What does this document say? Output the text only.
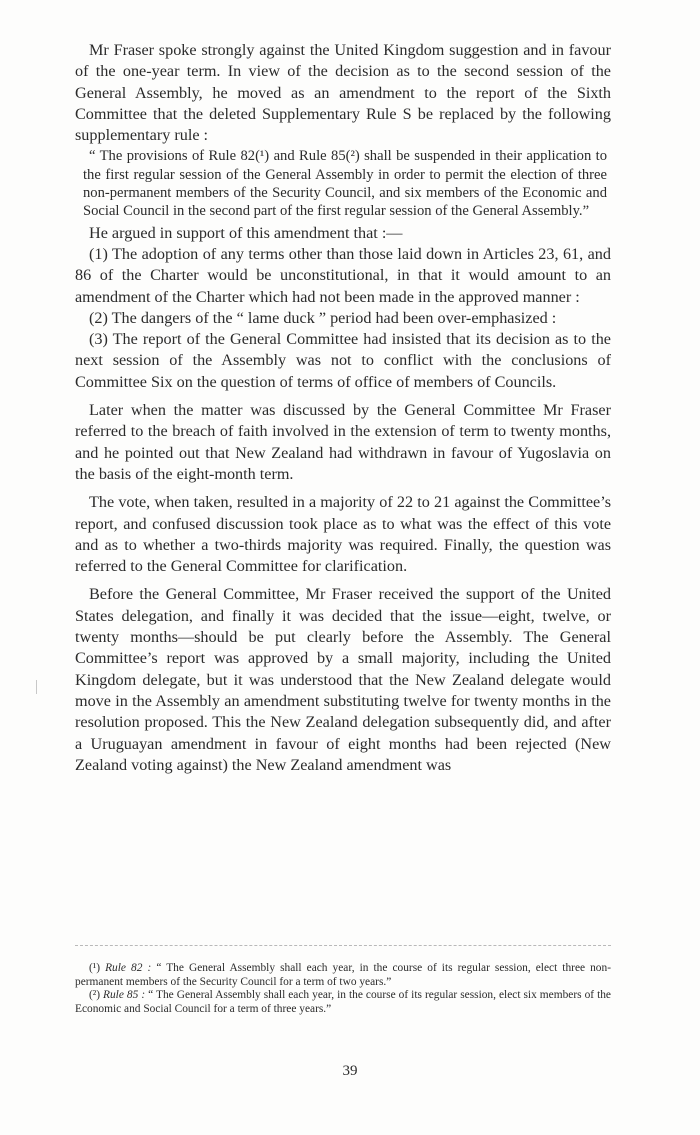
Mr Fraser spoke strongly against the United Kingdom suggestion and in favour of the one-year term. In view of the decision as to the second session of the General Assembly, he moved as an amendment to the report of the Sixth Committee that the deleted Supplementary Rule S be replaced by the following supplementary rule :

“ The provisions of Rule 82(¹) and Rule 85(²) shall be suspended in their application to the first regular session of the General Assembly in order to permit the election of three non-permanent members of the Security Council, and six members of the Economic and Social Council in the second part of the first regular session of the General Assembly.”

He argued in support of this amendment that :—

(1) The adoption of any terms other than those laid down in Articles 23, 61, and 86 of the Charter would be unconstitutional, in that it would amount to an amendment of the Charter which had not been made in the approved manner :

(2) The dangers of the “ lame duck ” period had been over-emphasized :

(3) The report of the General Committee had insisted that its decision as to the next session of the Assembly was not to conflict with the conclusions of Committee Six on the question of terms of office of members of Councils.

Later when the matter was discussed by the General Committee Mr Fraser referred to the breach of faith involved in the extension of term to twenty months, and he pointed out that New Zealand had withdrawn in favour of Yugoslavia on the basis of the eight-month term.

The vote, when taken, resulted in a majority of 22 to 21 against the Committee’s report, and confused discussion took place as to what was the effect of this vote and as to whether a two-thirds majority was required. Finally, the question was referred to the General Committee for clarification.

Before the General Committee, Mr Fraser received the support of the United States delegation, and finally it was decided that the issue—eight, twelve, or twenty months—should be put clearly before the Assembly. The General Committee’s report was approved by a small majority, including the United Kingdom delegate, but it was understood that the New Zealand delegate would move in the Assembly an amendment substituting twelve for twenty months in the resolution proposed. This the New Zealand delegation subsequently did, and after a Uruguayan amendment in favour of eight months had been rejected (New Zealand voting against) the New Zealand amendment was

(¹) Rule 82 : “ The General Assembly shall each year, in the course of its regular session, elect three non-permanent members of the Security Council for a term of two years.”

(²) Rule 85 : “ The General Assembly shall each year, in the course of its regular session, elect six members of the Economic and Social Council for a term of three years.”

39
